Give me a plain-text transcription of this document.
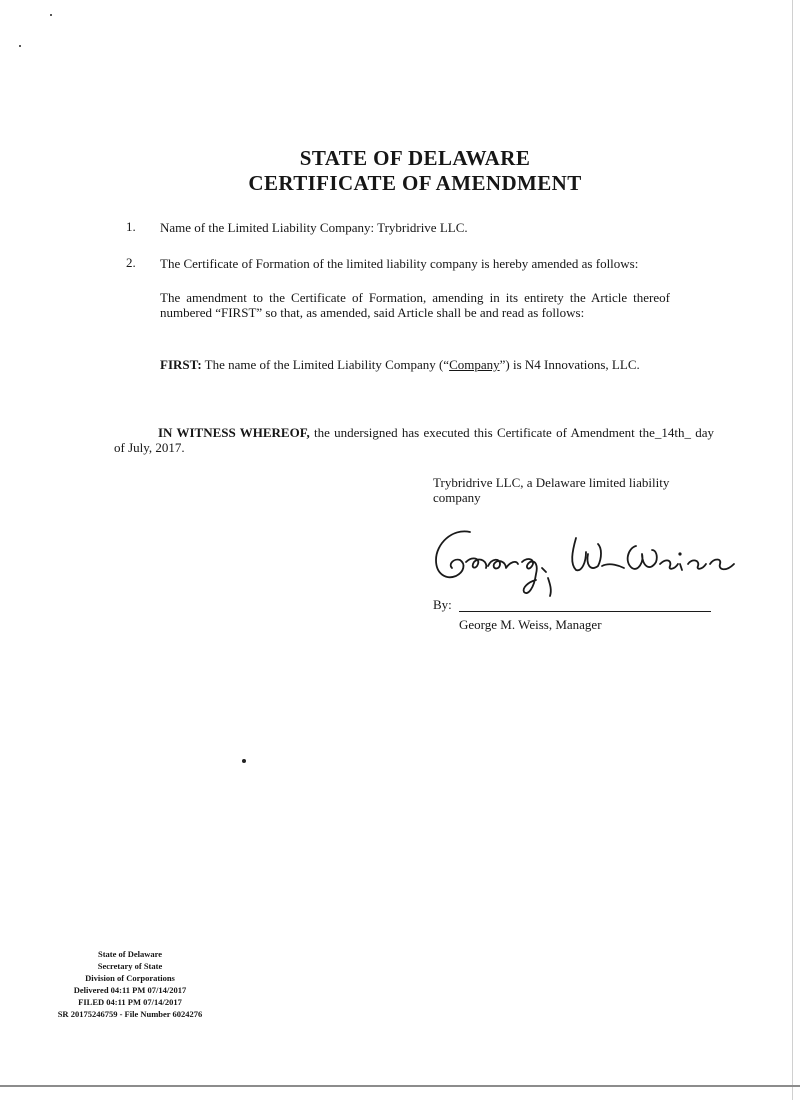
STATE OF DELAWARE
CERTIFICATE OF AMENDMENT
1. Name of the Limited Liability Company: Trybridrive LLC.
2. The Certificate of Formation of the limited liability company is hereby amended as follows:
The amendment to the Certificate of Formation, amending in its entirety the Article thereof numbered “FIRST” so that, as amended, said Article shall be and read as follows:
FIRST: The name of the Limited Liability Company (“Company”) is N4 Innovations, LLC.
IN WITNESS WHEREOF, the undersigned has executed this Certificate of Amendment the_14th_ day of July, 2017.
Trybridrive LLC, a Delaware limited liability company
By:
George M. Weiss, Manager
State of Delaware
Secretary of State
Division of Corporations
Delivered 04:11 PM 07/14/2017
FILED 04:11 PM 07/14/2017
SR 20175246759 - File Number 6024276
